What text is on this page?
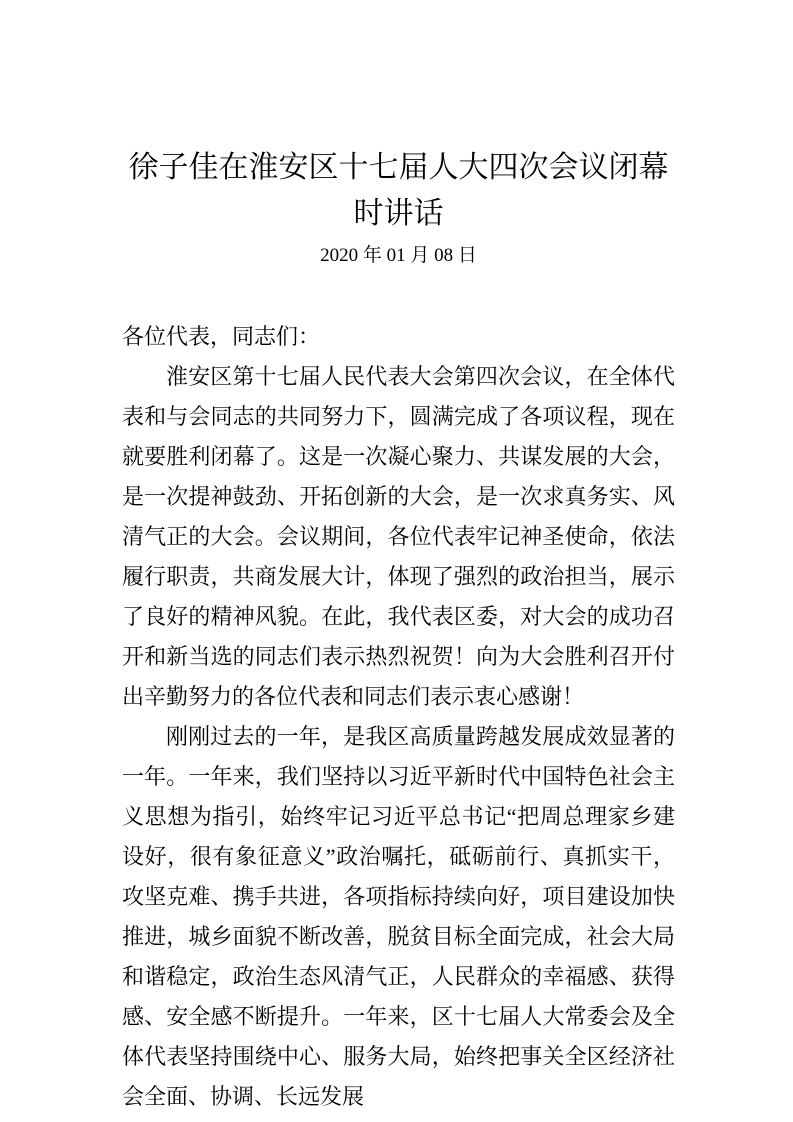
徐子佳在淮安区十七届人大四次会议闭幕时讲话
2020 年 01 月 08 日

各位代表，同志们：

淮安区第十七届人民代表大会第四次会议，在全体代表和与会同志的共同努力下，圆满完成了各项议程，现在就要胜利闭幕了。这是一次凝心聚力、共谋发展的大会，是一次提神鼓劲、开拓创新的大会，是一次求真务实、风清气正的大会。会议期间，各位代表牢记神圣使命，依法履行职责，共商发展大计，体现了强烈的政治担当，展示了良好的精神风貌。在此，我代表区委，对大会的成功召开和新当选的同志们表示热烈祝贺！向为大会胜利召开付出辛勤努力的各位代表和同志们表示衷心感谢！

刚刚过去的一年，是我区高质量跨越发展成效显著的一年。一年来，我们坚持以习近平新时代中国特色社会主义思想为指引，始终牢记习近平总书记“把周总理家乡建设好，很有象征意义”政治嘱托，砥砺前行、真抓实干，攻坚克难、携手共进，各项指标持续向好，项目建设加快推进，城乡面貌不断改善，脱贫目标全面完成，社会大局和谐稳定，政治生态风清气正，人民群众的幸福感、获得感、安全感不断提升。一年来，区十七届人大常委会及全体代表坚持围绕中心、服务大局，始终把事关全区经济社会全面、协调、长远发展
